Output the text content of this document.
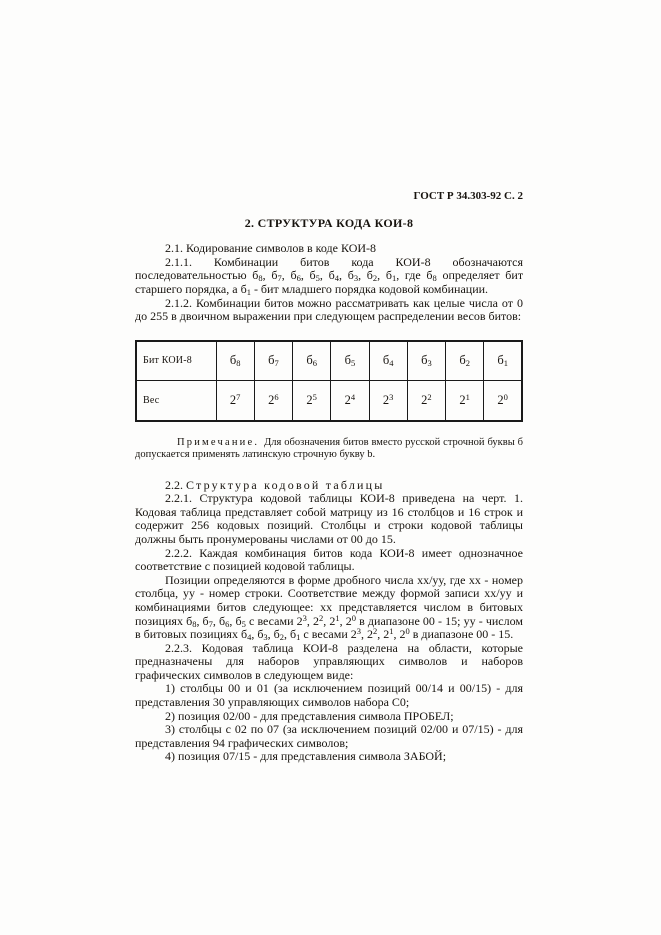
ГОСТ Р 34.303-92 С. 2
2. СТРУКТУРА КОДА КОИ-8

2.1. Кодирование символов в коде КОИ-8

2.1.1. Комбинации битов кода КОИ-8 обозначаются последовательностью $б_8$, $б_7$, $б_6$, $б_5$, $б_4$, $б_3$, $б_2$, $б_1$, где $б_8$ определяет бит старшего порядка, а $б_1$ - бит младшего порядка кодовой комбинации.

2.1.2. Комбинации битов можно рассматривать как целые числа от 0 до 255 в двоичном выражении при следующем распределении весов битов:

Бит КОИ-8	$б_8$	$б_7$	$б_6$	$б_5$	$б_4$	$б_3$	$б_2$	$б_1$
Вес	$2^7$	$2^6$	$2^5$	$2^4$	$2^3$	$2^2$	$2^1$	$2^0$

Примечание. Для обозначения битов вместо русской строчной буквы б допускается применять латинскую строчную букву b.

2.2. Структура кодовой таблицы

2.2.1. Структура кодовой таблицы КОИ-8 приведена на черт. 1. Кодовая таблица представляет собой матрицу из 16 столбцов и 16 строк и содержит 256 кодовых позиций. Столбцы и строки кодовой таблицы должны быть пронумерованы числами от 00 до 15.

2.2.2. Каждая комбинация битов кода КОИ-8 имеет однозначное соответствие с позицией кодовой таблицы.

Позиции определяются в форме дробного числа хх/уу, где хх - номер столбца, уу - номер строки. Соответствие между формой записи хх/уу и комбинациями битов следующее: хх представляется числом в битовых позициях $б_8$, $б_7$, $б_6$, $б_5$ с весами $2^3$, $2^2$, $2^1$, $2^0$ в диапазоне 00 - 15; уу - числом в битовых позициях $б_4$, $б_3$, $б_2$, $б_1$ с весами $2^3$, $2^2$, $2^1$, $2^0$ в диапазоне 00 - 15.

2.2.3. Кодовая таблица КОИ-8 разделена на области, которые предназначены для наборов управляющих символов и наборов графических символов в следующем виде:

1) столбцы 00 и 01 (за исключением позиций 00/14 и 00/15) - для представления 30 управляющих символов набора С0;

2) позиция 02/00 - для представления символа ПРОБЕЛ;

3) столбцы с 02 по 07 (за исключением позиций 02/00 и 07/15) - для представления 94 графических символов;

4) позиция 07/15 - для представления символа ЗАБОЙ;
